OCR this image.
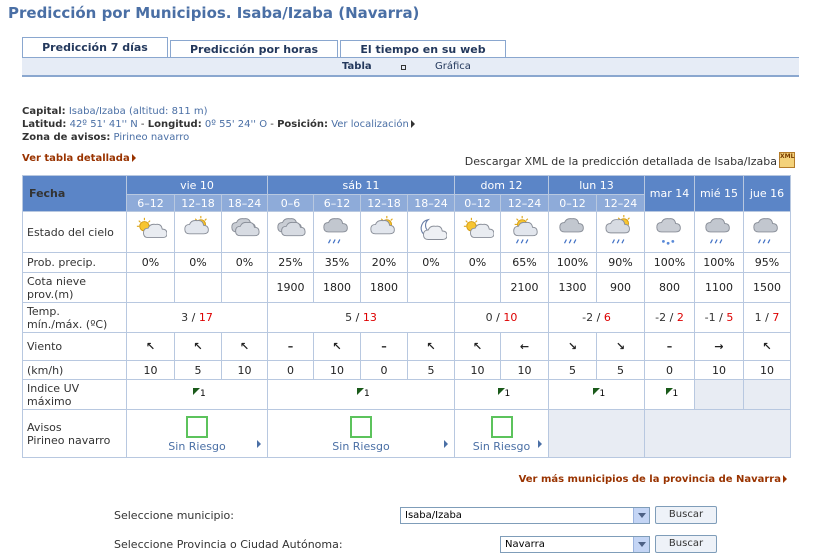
Predicción por Municipios. Isaba/Izaba (Navarra)
Predicción 7 días	Predicción por horas	El tiempo en su web
Tabla	Gráfica
Capital: Isaba/Izaba (altitud: 811 m)
Latitud: 42º 51' 41'' N - Longitud: 0º 55' 24'' O - Posición: Ver localización
Zona de avisos: Pirineo navarro
Ver tabla detallada	Descargar XML de la predicción detallada de Isaba/Izaba XML
Fecha	vie 10			sáb 11				dom 12		lun 13		mar 14	mié 15	jue 16
	6–12	12–18	18–24	0–6	6–12	12–18	18–24	0–12	12–24	0–12	12–24			
Estado del cielo														
Prob. precip.	0%	0%	0%	25%	35%	20%	0%	0%	65%	100%	90%	100%	100%	95%

Cota nieve
prov.(m)				1900	1800	1800			2100	1300	900	800	1100	1500

Temp.
mín./máx. (ºC)	3 / 17			5 / 13				0 / 10		-2 / 6		-2 / 2	-1 / 5	1 / 7
Viento	↖	↖	↖	–	↖	–	↖	↖	←	↘	↘	–	→	↖
(km/h)	10	5	10	0	10	0	5	10	10	5	5	0	10	10

Indice UV
máximo	1			1				1		1		1		

Avisos
Pirineo navarro	Sin Riesgo			Sin Riesgo				Sin Riesgo						

Ver más municipios de la provincia de Navarra
Seleccione municipio:	Isaba/Izaba	Buscar
Seleccione Provincia o Ciudad Autónoma:	Navarra	Buscar
